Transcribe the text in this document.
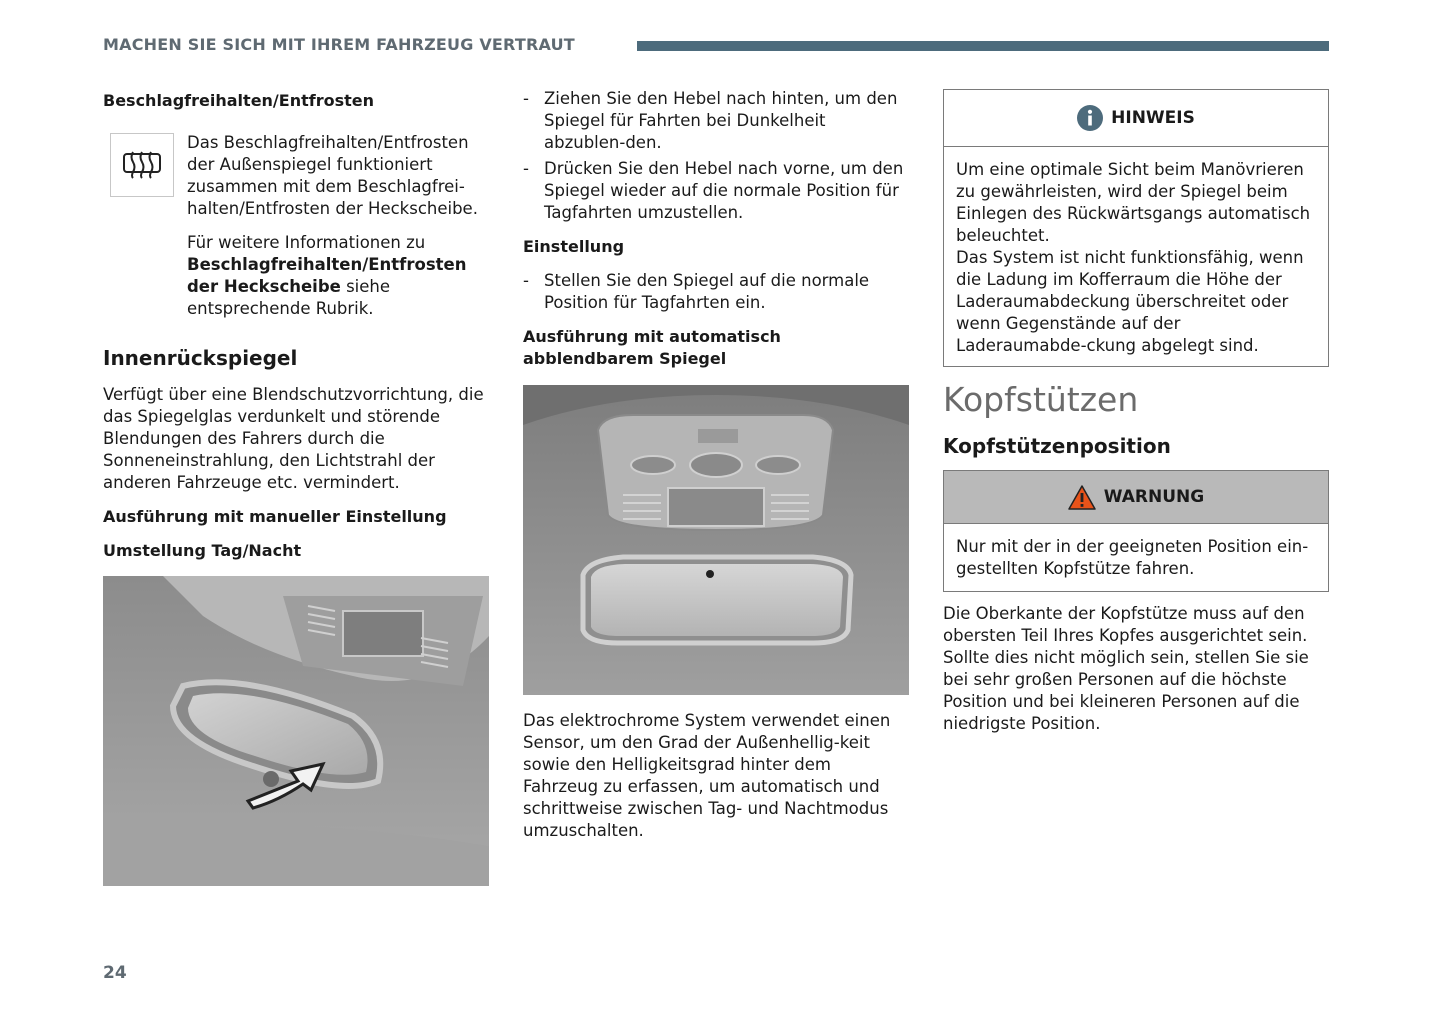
MACHEN SIE SICH MIT IHREM FAHRZEUG VERTRAUT

Beschlagfreihalten/Entfrosten

Das Beschlagfreihalten/Entfrosten der Außenspiegel funktioniert zusammen mit dem Beschlagfrei-halten/Entfrosten der Heckscheibe.

Für weitere Informationen zu Beschlagfreihalten/Entfrosten der Heckscheibe siehe entsprechende Rubrik.

Innenrückspiegel

Verfügt über eine Blendschutzvorrichtung, die das Spiegelglas verdunkelt und störende Blendungen des Fahrers durch die Sonneneinstrahlung, den Lichtstrahl der anderen Fahrzeuge etc. vermindert.

Ausführung mit manueller Einstellung

Umstellung Tag/Nacht

- Ziehen Sie den Hebel nach hinten, um den Spiegel für Fahrten bei Dunkelheit abzublen-den.
- Drücken Sie den Hebel nach vorne, um den Spiegel wieder auf die normale Position für Tagfahrten umzustellen.

Einstellung

- Stellen Sie den Spiegel auf die normale Position für Tagfahrten ein.

Ausführung mit automatisch abblendbarem Spiegel

Das elektrochrome System verwendet einen Sensor, um den Grad der Außenhellig-keit sowie den Helligkeitsgrad hinter dem Fahrzeug zu erfassen, um automatisch und schrittweise zwischen Tag- und Nachtmodus umzuschalten.

HINWEIS

Um eine optimale Sicht beim Manövrieren zu gewährleisten, wird der Spiegel beim Einlegen des Rückwärtsgangs automatisch beleuchtet.

Das System ist nicht funktionsfähig, wenn die Ladung im Kofferraum die Höhe der Laderaumabdeckung überschreitet oder wenn Gegenstände auf der Laderaumabde-ckung abgelegt sind.

Kopfstützen

Kopfstützenposition

WARNUNG

Nur mit der in der geeigneten Position ein-gestellten Kopfstütze fahren.

Die Oberkante der Kopfstütze muss auf den obersten Teil Ihres Kopfes ausgerichtet sein. Sollte dies nicht möglich sein, stellen Sie sie bei sehr großen Personen auf die höchste Position und bei kleineren Personen auf die niedrigste Position.

24
